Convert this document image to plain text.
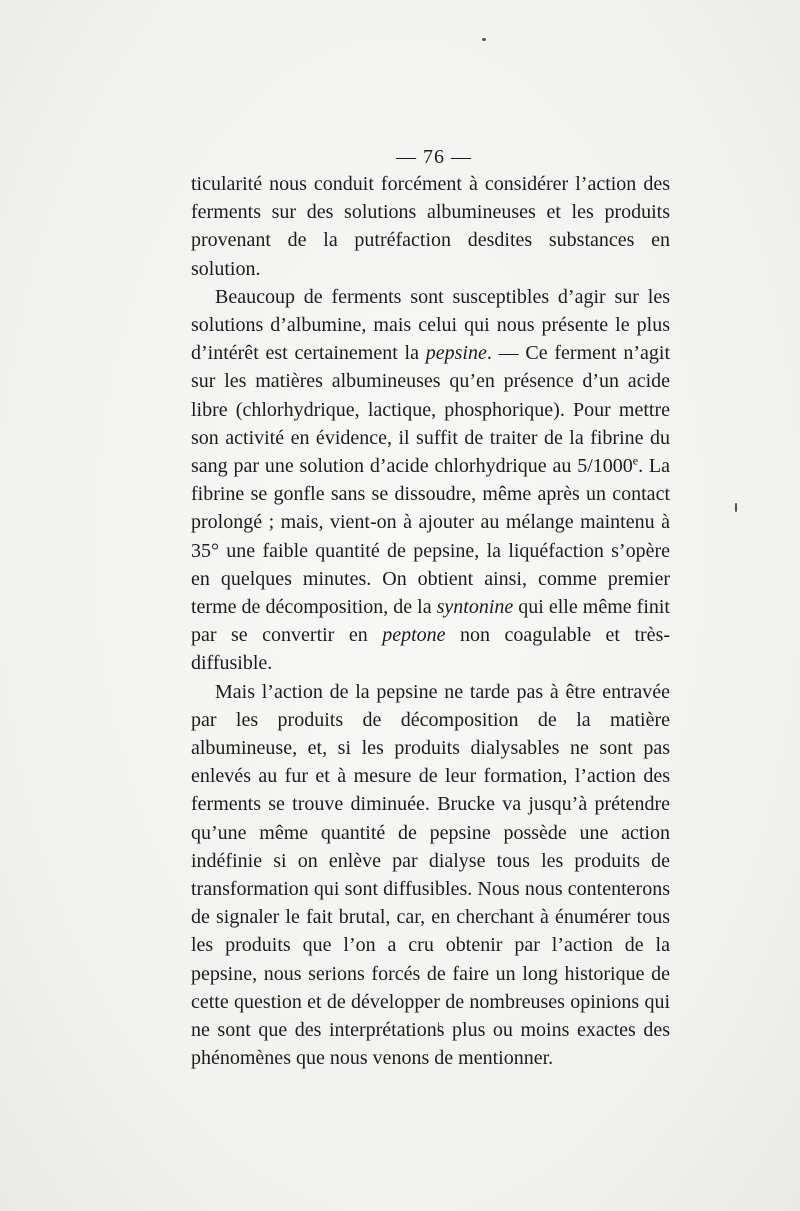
— 76 —

ticularité nous conduit forcément à considérer l’action des ferments sur des solutions albumineuses et les produits provenant de la putréfaction desdites substances en solution.

Beaucoup de ferments sont susceptibles d’agir sur les solutions d’albumine, mais celui qui nous présente le plus d’intérêt est certainement la pepsine. — Ce ferment n’agit sur les matières albumineuses qu’en présence d’un acide libre (chlorhydrique, lactique, phosphorique). Pour mettre son activité en évidence, il suffit de traiter de la fibrine du sang par une solution d’acide chlorhydrique au 5/1000e. La fibrine se gonfle sans se dissoudre, même après un contact prolongé ; mais, vient-on à ajouter au mélange maintenu à 35° une faible quantité de pepsine, la liquéfaction s’opère en quelques minutes. On obtient ainsi, comme premier terme de décomposition, de la syntonine qui elle même finit par se convertir en peptone non coagulable et très-diffusible.

Mais l’action de la pepsine ne tarde pas à être entravée par les produits de décomposition de la matière albumineuse, et, si les produits dialysables ne sont pas enlevés au fur et à mesure de leur formation, l’action des ferments se trouve diminuée. Brucke va jusqu’à prétendre qu’une même quantité de pepsine possède une action indéfinie si on enlève par dialyse tous les produits de transformation qui sont diffusibles. Nous nous contenterons de signaler le fait brutal, car, en cherchant à énumérer tous les produits que l’on a cru obtenir par l’action de la pepsine, nous serions forcés de faire un long historique de cette question et de développer de nombreuses opinions qui ne sont que des interprétations plus ou moins exactes des phénomènes que nous venons de mentionner.
